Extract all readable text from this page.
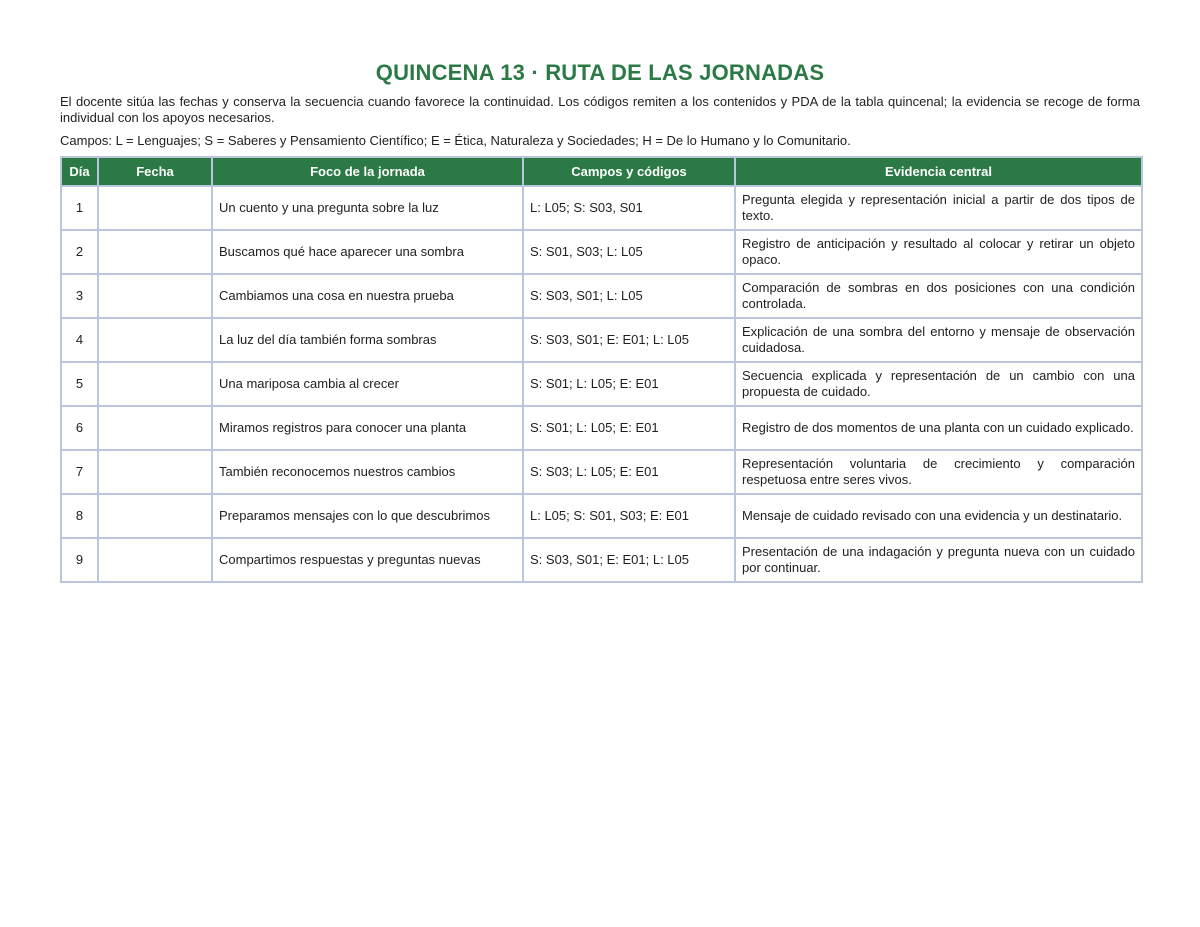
QUINCENA 13 · RUTA DE LAS JORNADAS
El docente sitúa las fechas y conserva la secuencia cuando favorece la continuidad. Los códigos remiten a los contenidos y PDA de la tabla quincenal; la evidencia se recoge de forma individual con los apoyos necesarios.
Campos: L = Lenguajes; S = Saberes y Pensamiento Científico; E = Ética, Naturaleza y Sociedades; H = De lo Humano y lo Comunitario.
Día	Fecha	Foco de la jornada	Campos y códigos	Evidencia central
1		Un cuento y una pregunta sobre la luz	L: L05; S: S03, S01	Pregunta elegida y representación inicial a partir de dos tipos de texto.
2		Buscamos qué hace aparecer una sombra	S: S01, S03; L: L05	Registro de anticipación y resultado al colocar y retirar un objeto opaco.
3		Cambiamos una cosa en nuestra prueba	S: S03, S01; L: L05	Comparación de sombras en dos posiciones con una condición controlada.
4		La luz del día también forma sombras	S: S03, S01; E: E01; L: L05	Explicación de una sombra del entorno y mensaje de observación cuidadosa.
5		Una mariposa cambia al crecer	S: S01; L: L05; E: E01	Secuencia explicada y representación de un cambio con una propuesta de cuidado.
6		Miramos registros para conocer una planta	S: S01; L: L05; E: E01	Registro de dos momentos de una planta con un cuidado explicado.
7		También reconocemos nuestros cambios	S: S03; L: L05; E: E01	Representación voluntaria de crecimiento y comparación respetuosa entre seres vivos.
8		Preparamos mensajes con lo que descubrimos	L: L05; S: S01, S03; E: E01	Mensaje de cuidado revisado con una evidencia y un destinatario.
9		Compartimos respuestas y preguntas nuevas	S: S03, S01; E: E01; L: L05	Presentación de una indagación y pregunta nueva con un cuidado por continuar.
